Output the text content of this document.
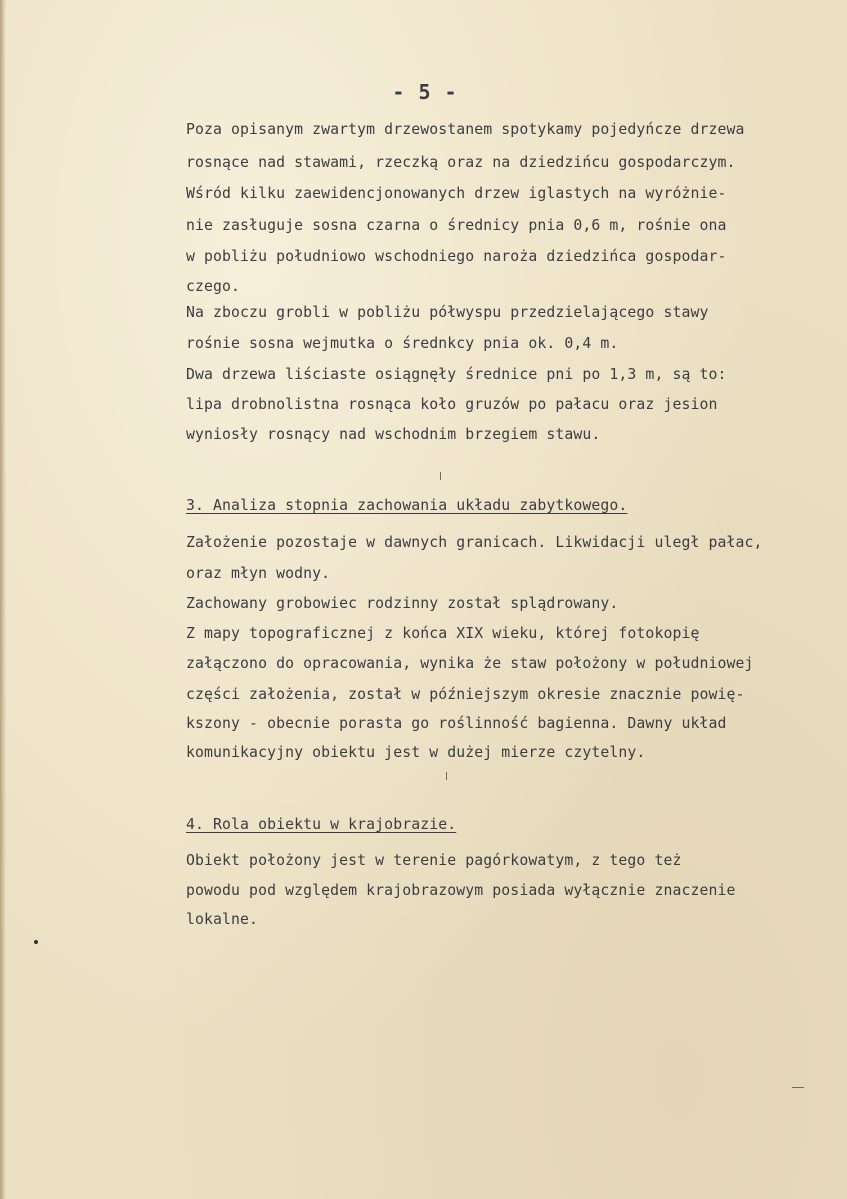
- 5 -
Poza opisanym zwartym drzewostanem spotykamy pojedyńcze drzewa
rosnące nad stawami, rzeczką oraz na dziedzińcu gospodarczym.
Wśród kilku zaewidencjonowanych drzew iglastych na wyróżnie-
nie zasługuje sosna czarna o średnicy pnia 0,6 m, rośnie ona
w pobliżu południowo wschodniego naroża dziedzińca gospodar-
czego.
Na zboczu grobli w pobliżu półwyspu przedzielającego stawy
rośnie sosna wejmutka o średnkcy pnia ok. 0,4 m.
Dwa drzewa liściaste osiągnęły średnice pni po 1,3 m, są to:
lipa drobnolistna rosnąca koło gruzów po pałacu oraz jesion
wyniosły rosnący nad wschodnim brzegiem stawu.
3. Analiza stopnia zachowania układu zabytkowego.
Założenie pozostaje w dawnych granicach. Likwidacji uległ pałac,
oraz młyn wodny.
Zachowany grobowiec rodzinny został splądrowany.
Z mapy topograficznej z końca XIX wieku, której fotokopię
załączono do opracowania, wynika że staw położony w południowej
części założenia, został w późniejszym okresie znacznie powię-
kszony - obecnie porasta go roślinność bagienna. Dawny układ
komunikacyjny obiektu jest w dużej mierze czytelny.
4. Rola obiektu w krajobrazie.
Obiekt położony jest w terenie pagórkowatym, z tego też
powodu pod względem krajobrazowym posiada wyłącznie znaczenie
lokalne.
